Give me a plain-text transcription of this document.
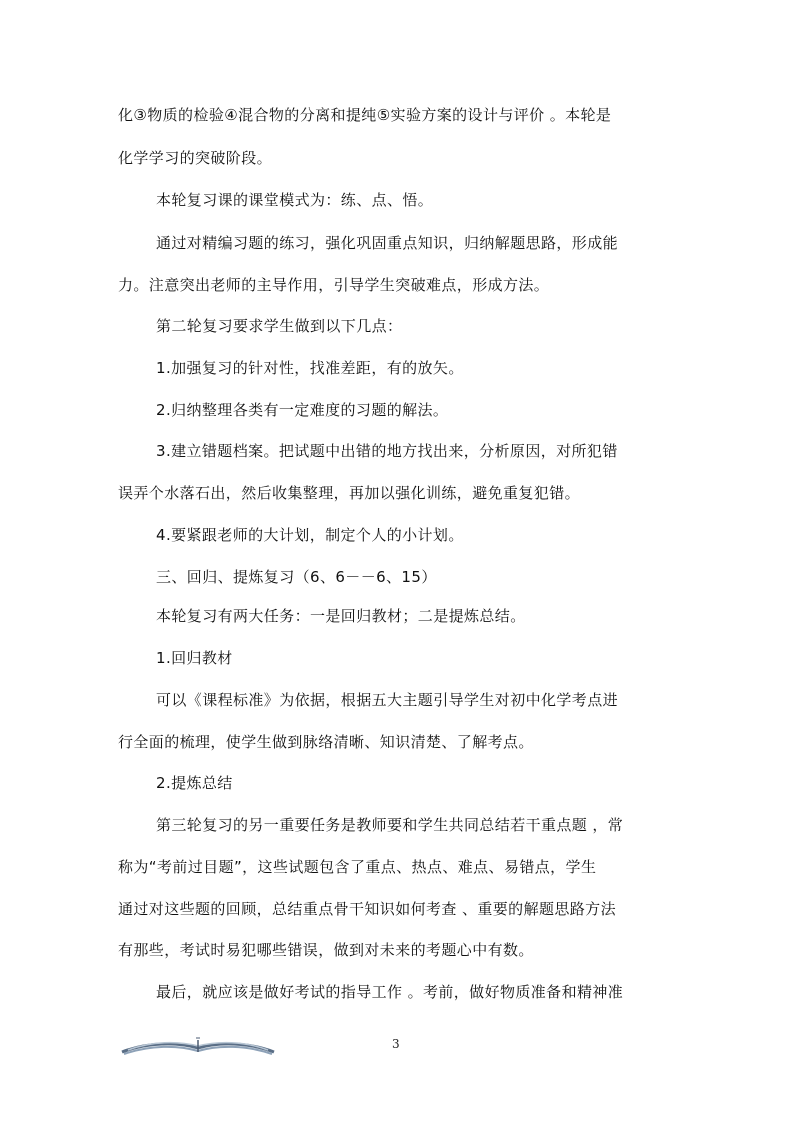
化③物质的检验④混合物的分离和提纯⑤实验方案的设计与评价 。本轮是
化学学习的突破阶段。
本轮复习课的课堂模式为：练、点、悟。
通过对精编习题的练习，强化巩固重点知识，归纳解题思路，形成能
力。注意突出老师的主导作用，引导学生突破难点，形成方法。
第二轮复习要求学生做到以下几点：
1.加强复习的针对性，找准差距，有的放矢。
2.归纳整理各类有一定难度的习题的解法。
3.建立错题档案。把试题中出错的地方找出来，分析原因，对所犯错
误弄个水落石出，然后收集整理，再加以强化训练，避免重复犯错。
4.要紧跟老师的大计划，制定个人的小计划。
三、回归、提炼复习（6、6－－6、15）
本轮复习有两大任务：一是回归教材；二是提炼总结。
1.回归教材
可以《课程标准》为依据，根据五大主题引导学生对初中化学考点进
行全面的梳理，使学生做到脉络清晰、知识清楚、了解考点。
2.提炼总结
第三轮复习的另一重要任务是教师要和学生共同总结若干重点题 ，常
称为“考前过目题”，这些试题包含了重点、热点、难点、易错点，学生
通过对这些题的回顾，总结重点骨干知识如何考查 、重要的解题思路方法
有那些，考试时易犯哪些错误，做到对未来的考题心中有数。
最后，就应该是做好考试的指导工作 。考前，做好物质准备和精神准
3
